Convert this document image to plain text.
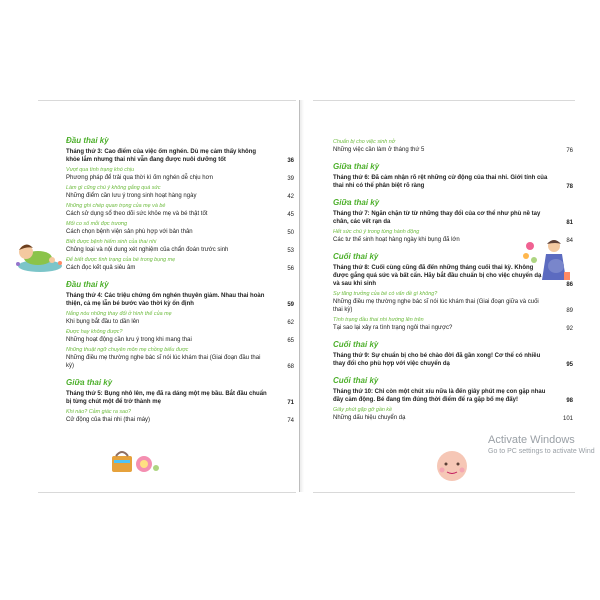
Đầu thai kỳ
Tháng thứ 3: Cao điểm của việc ốm nghén. Dù mẹ cảm thấy không khỏe lắm nhưng thai nhi vẫn đang được nuôi dưỡng tốt	36
Vượt qua tình trạng khó chịu
Phương pháp để trải qua thời kì ốm nghén dễ chịu hơn	39
Làm gì cũng chú ý không gắng quá sức
Những điểm cần lưu ý trong sinh hoạt hàng ngày	42
Những ghi chép quan trọng của mẹ và bé
Cách sử dụng sổ theo dõi sức khỏe mẹ và bé thật tốt	45
Mối co số mỗi đợc trương
Cách chọn bệnh viện sản phù hợp với bản thân	50
Biết được bệnh hiểm sinh của thai nhi
Chủng loại và nội dung xét nghiệm của chẩn đoán trước sinh	53
Để biết được tình trạng của bé trong bụng mẹ
Cách đọc kết quả siêu âm	56
Đầu thai kỳ
Tháng thứ 4: Các triệu chứng ốm nghén thuyên giảm. Nhau thai hoàn thiện, cả mẹ lẫn bé bước vào thời kỳ ổn định	59
Nắng nóu những thay đổi ở hình thể của mẹ
Khi bụng bắt đầu to dần lên	62
Được hay không được?
Những hoạt động cần lưu ý trong khi mang thai	65
Những thuật ngữ chuyên môn mẹ chồng biểu được
Những điều mẹ thường nghe bác sĩ nói lúc khám thai (Giai đoạn đầu thai kỳ)	68
Giữa thai kỳ
Tháng thứ 5: Bụng nhô lên, mẹ đã ra dáng một mẹ bầu. Bắt đầu chuẩn bị từng chút một để trở thành mẹ	71
Khi nào? Cảm giác ra sao?
Cử động của thai nhi (thai máy)	74
Chuẩn bị cho việc sinh nở
Những việc cần làm ở tháng thứ 5	76
Giữa thai kỳ
Tháng thứ 6: Đã cảm nhận rõ rệt những cử động của thai nhi. Giới tính của thai nhi có thể phân biệt rõ ràng	78
Giữa thai kỳ
Tháng thứ 7: Ngăn chặn từ từ những thay đổi của cơ thể như phù nề tay chân, các vết rạn da	81
Hết sức chú ý trong từng hành động
Các tư thế sinh hoạt hàng ngày khi bụng đã lớn	84
Cuối thai kỳ
Tháng thứ 8: Cuối cùng cũng đã đến những tháng cuối thai kỳ. Không được gắng quá sức và bất cẩn. Hãy bắt đầu chuẩn bị cho việc chuyển dạ và sau khi sinh	86
Sự tăng trưởng của bé có vấn đề gì không?
Những điều mẹ thường nghe bác sĩ nói lúc khám thai (Giai đoạn giữa và cuối thai kỳ)	89
Tình trạng đầu thai nhi hướng lên trên
Tại sao lại xảy ra tình trạng ngôi thai ngược?	92
Cuối thai kỳ
Tháng thứ 9: Sự chuẩn bị cho bé chào đời đã gần xong! Cơ thể có nhiều thay đổi cho phù hợp với việc chuyển dạ	95
Cuối thai kỳ
Tháng thứ 10: Chỉ còn một chút xíu nữa là đến giây phút mẹ con gặp nhau đầy cảm động. Bé đang tìm đúng thời điểm để ra gặp bố mẹ đấy!	98
Giây phút gặp gỡ gần kề
Những dấu hiệu chuyển dạ	101
Activate Windows
Go to PC settings to activate Wind
